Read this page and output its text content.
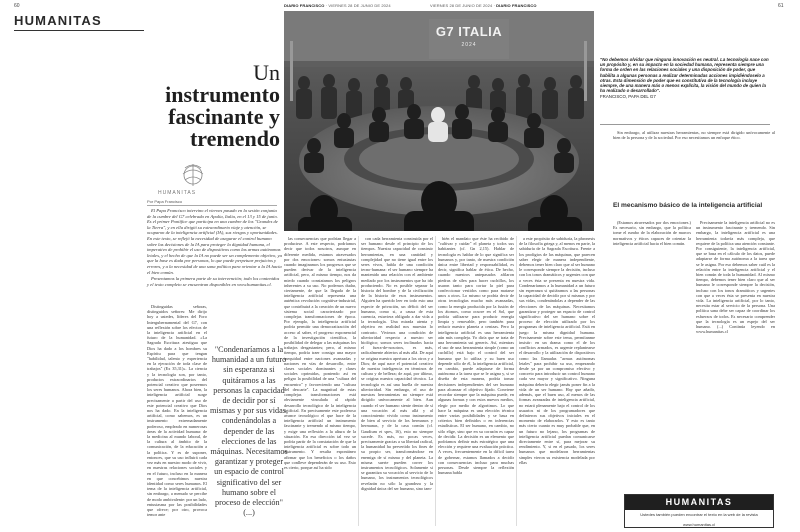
60	DIARIO FRANCISCO · VIERNES 28 DE JUNIO DE 2024	VIERNES 28 DE JUNIO DE 2024 · DIARIO FRANCISCO	61
HUMANITAS
G7 ITALIA
2024
Un
instrumento
fascinante y
tremendo
HUMANITAS
Por Papa Francisco

El Papa Francisco intervino el viernes pasado en la sesión conjunta de la cumbre del G7 celebrada en Apulia, Italia, en el 13 y 15 de junio. Es el primer Pontífice que participa en una cumbre de los "Grandes de la Tierra", y en ella dirigió su extraordinario viaje y atención, se ocuparon de la inteligencia artificial (IA), sus riesgos y oportunidades. En este texto, se reflejó la necesidad de asegurar el control humano sobre las decisiones de la IA para proteger la dignidad humana, el imperativo de prohibir el uso de dispositivos como las armas autónomas letales, y el hecho de que la IA no puede ser un complemento objetivo, ya que la base es dada por personas, lo que puede perpetuar prejuicios y errores, y a la necesidad de una sana política para orientar a la IA hacia el bien común.

Presentamos la primera parte de su intervención; todo los contenidos y el texto completo se encuentran disponibles en www.humanitas.cl.

Distinguidas señoras, distinguidos señores: Me dirijo hoy a ustedes, líderes del Foro Intergubernamental del G7, con una reflexión sobre los efectos de la inteligencia artificial en el futuro de la humanidad. «La Sagrada Escritura atestigua que Dios ha dado a los hombres su Espíritu para que tengan "habilidad, talento y experiencia en la ejecución de toda clase de trabajos" (Ex 35,31)». La ciencia y la tecnología son, por tanto, productos extraordinarios del potencial creativo que poseemos los seres humanos. Ahora bien, la inteligencia artificial surge precisamente a partir del uso de este potencial creativo que Dios nos ha dado. En la inteligencia artificial, como sabemos, es un instrumento extremadamente poderoso, empleado en numerosas áreas de la actividad humana: de la medicina al mundo laboral, de la cultura al ámbito de la comunicación, de la educación a la política. Y es de suponer, entonces, que su uso influirá cada vez más en nuestro modo de vivir, en nuestras relaciones sociales y en el futuro, incluso en la manera en que concebimos nuestra identidad como seres humanos. El tema de la inteligencia artificial, sin embargo, a menudo se percibe de modo ambivalente: por un lado, entusiasma por las posibilidades que ofrece; por otro, provoca temor ante

"Condenaríamos a la humanidad a un futuro sin esperanza si quitáramos a las personas la capacidad de decidir por sí mismas y por sus vidas, condenándolas a depender de las elecciones de las máquinas. Necesitamos garantizar y proteger un espacio de control significativo del ser humano sobre el proceso de elección" (...)

las consecuencias que podrían llegar a producirse. A este respecto, podríamos decir que todos nosotros, aunque en diferente medida, estamos atravesados por dos emociones: somos entusiastas cuando imaginamos los progresos que se pueden derivar de la inteligencia artificial, pero, al mismo tiempo, nos da miedo cuando constatamos los peligros inherentes a su uso. No podemos dudar, ciertamente, de que la llegada de la inteligencia artificial representa una auténtica revolución cognitiva-industrial, que contribuirá a la creación de un nuevo sistema social caracterizado por complejas transformaciones de época. Por ejemplo, la inteligencia artificial podría permitir una democratización del acceso al saber, el progreso exponencial de la investigación científica, la posibilidad de delegar a las máquinas los trabajos desgastantes; pero, al mismo tiempo, podría traer consigo una mayor inequidad entre naciones avanzadas y naciones en vías de desarrollo, entre clases sociales dominantes y clases sociales oprimidas, poniendo así en peligro la posibilidad de una "cultura del encuentro" y favoreciendo una "cultura del descarte". La magnitud de estas complejas transformaciones está obviamente vinculada al rápido desarrollo tecnológico de la inteligencia artificial. En precisamente este poderoso avance tecnológico el que hace de la inteligencia artificial un instrumento fascinante y tremendo al mismo tiempo, y exige una reflexión a la altura de la situación. En esa dirección tal vez se podría partir de la constatación de que la inteligencia artificial es sobre todo un instrumento. Y resulta espontáneo afirmar que los beneficios o los daños que conlleve dependerán de su uso. Esto es cierto, porque así ha sido

con cada herramienta construida por el ser humano desde el principio de los tiempos. Nuestra capacidad de construir herramientas, en una cantidad y complejidad que no tiene igual entre los seres vivos, habla de una condición tecno-humana: el ser humano siempre ha mantenido una relación con el ambiente mediado por los instrumentos que ha ido produciendo. No es posible separar la historia del hombre y de la civilización de la historia de esos instrumentos. Alguien ha querido leer en todo esto una especie de privación, un déficit del ser humano, como si, a causa de esta carencia, estuviera obligado a dar vida a la tecnología. Una mirada atenta y objetiva en realidad nos muestra lo contrario. Vivimos una condición de ulterioridad respecto a nuestro ser biológico; somos seres inclinados hacia el fuera-de-nosotros, es más, radicalmente abiertos al más allá. De aquí se origina nuestra apertura a los otros y a Dios; de aquí nace el potencial creativo de nuestra inteligencia en términos de cultura y de belleza; de aquí, por último, se origina nuestra capacidad técnica. La tecnología es así una huella de nuestra ulterioridad. Sin embargo, el uso de nuestras herramientas no siempre está dirigido unívocamente al bien. Aun cuando el ser humano siente dentro de sí una vocación al más allá y al conocimiento vivido como instrumento de bien al servicio de los hermanos y hermanas, y de la casa común (cf. Gaudium et spes, 16), esto no siempre sucede. Es más, no pocas veces, precisamente gracias a su libertad radical, la humanidad ha pervertido los fines de su propio ser, transformándose en enemiga de sí misma y del planeta. La misma suerte pueden correr los instrumentos tecnológicos. Solamente si se garantiza su vocación al servicio de lo humano, los instrumentos tecnológicos revelarán no sólo la grandeza y la dignidad única del ser humano, sino tam-

bién el mandato que éste ha recibido de "cultivar y cuidar" el planeta y todos sus habitantes (cf. Gn 2,15). Hablar de tecnología es hablar de lo que significa ser humanos y, por tanto, de nuestra condición única entre libertad y responsabilidad, es decir, significa hablar de ética. De hecho, cuando nuestros antepasados afilaron piedras de sílex para hacer cuchillos, los usaron tanto para cortar la piel para confeccionar vestidos como para matarse unos a otros. Lo mismo se podría decir de otras tecnologías mucho más avanzadas, como la energía producida por la fusión de los átomos, como ocurre en el Sol, que podría utilizarse para producir energía limpia y renovable, pero también para reducir nuestro planeta a cenizas. Pero la inteligencia artificial es una herramienta aún más compleja. Yo diría que se trata de una herramienta sui generis. Así, mientras el uso de una herramienta simple (como un cuchillo) está bajo el control del ser humano que lo utiliza y su buen uso depende sólo de él, la inteligencia artificial, en cambio, puede adaptarse de forma autónoma a la tarea que se le asigna y, si se diseña de esta manera, podría tomar decisiones independientes del ser humano para alcanzar el objetivo fijado. Conviene recordar siempre que la máquina puede, en algunas formas y con estos nuevos medios, elegir por medio de algoritmos. Lo que hace la máquina es una elección técnica entre varias posibilidades y se basa en criterios bien definidos o en inferencias estadísticas. El ser humano, en cambio, no sólo elige, sino que en su corazón es capaz de decidir. La decisión es un elemento que podríamos definir más estratégico que una elección y requiere una evaluación práctica. A veces, frecuentemente en la difícil tarea de gobernar, estamos llamados a decidir con consecuencias incluso para muchas personas. Desde siempre la reflexión humana habla

a este propósito de sabiduría, la phronesis de la filosofía griega y, al menos en parte, la sabiduría de la Sagrada Escritura. Frente a los prodigios de las máquinas, que parecen saber elegir de manera independiente, debemos tener bien claro que al ser humano le corresponde siempre la decisión, incluso con los tonos dramáticos y urgentes con que a veces ésta se presenta en nuestra vida. Condenaríamos a la humanidad a un futuro sin esperanza si quitáramos a las personas la capacidad de decidir por sí mismas y por sus vidas, condenándolas a depender de las elecciones de las máquinas. Necesitamos garantizar y proteger un espacio de control significativo del ser humano sobre el proceso de elección utilizado por los programas de inteligencia artificial. Está en juego la misma dignidad humana. Precisamente sobre este tema, permítanme insistir: en un drama como el de los conflictos armados, es urgente replantearse el desarrollo y la utilización de dispositivos como las llamadas "armas autónomas letales" para prohibir su uso, empezando desde ya por un compromiso efectivo y concreto para introducir un control humano cada vez mayor y significativo. Ninguna máquina debería elegir jamás poner fin a la vida de un ser humano. Hay que añadir, además, que el buen uso, al menos de las formas avanzadas de inteligencia artificial, no estará plenamente bajo el control de los usuarios ni de los programadores que definieron sus objetivos iniciales en el momento de elaborarlos. Y esto es tanto más cierto cuanto es muy probable que, en un futuro no lejano, los programas de inteligencia artificial puedan comunicarse directamente entre sí, para mejorar su rendimiento. Y, si en el pasado, los seres humanos que modelaron herramientas simples vieron su existencia modelada por ellas

"No debemos olvidar que ninguna innovación es neutral. La tecnología nace con un propósito y, en su impacto en la sociedad humana, representa siempre una forma de orden en las relaciones sociales y una disposición de poder, que habilita a algunas personas a realizar determinadas acciones impidiéndoselo a otras. Esta dimensión de poder que es constitutiva de la tecnología incluye siempre, de una manera más o menos explícita, la visión del mundo de quien la ha realizado o desarrollado".
FRANCISCO, PAPA DEL G7

Sin embargo, al utilizar nuestras herramientas, no siempre está dirigido unívocamente al bien de la persona y de la sociedad. Por eso necesitamos un enfoque ético.

El mecanismo básico de la inteligencia artificial

(Estamos atravesados por dos emociones.) Es necesario, sin embargo, que la política tome el rumbo de la elaboración de marcos normativos y éticos capaces de orientar la inteligencia artificial hacia el bien común.

Precisamente la inteligencia artificial no es un instrumento fascinante y tremendo. Sin embargo, la inteligencia artificial es una herramienta todavía más compleja, que requiere de la política una atención constante. Por consiguiente, la inteligencia artificial, que se basa en el cálculo de los datos, puede adaptarse de forma autónoma a la tarea que se le asigna. Por eso debemos saber cuál es la relación entre la inteligencia artificial y el bien común de toda la humanidad. Al mismo tiempo, debemos tener bien claro que al ser humano le corresponde siempre la decisión, incluso con los tonos dramáticos y urgentes con que a veces ésta se presenta en nuestra vida. La inteligencia artificial, por lo tanto, necesita estar al servicio de la persona. Una política sana debe ser capaz de coordinar los esfuerzos de todos. Es necesario comprender que la tecnología es un espejo del ser humano. (...) Continúa leyendo en www.humanitas.cl

HUMANITAS
Ustedes también pueden encontrar el texto en la web de la revista
www.humanitas.cl
